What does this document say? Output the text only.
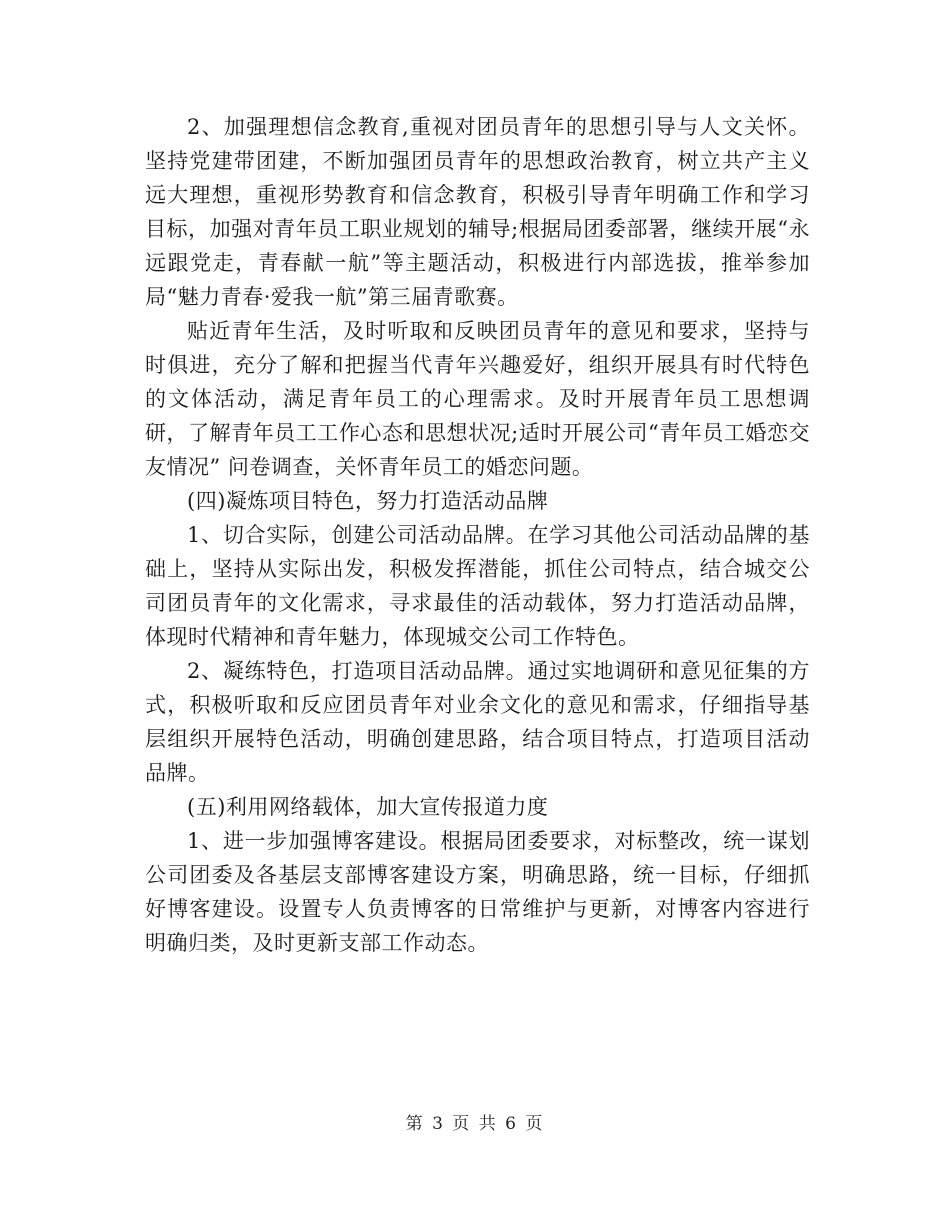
2、加强理想信念教育,重视对团员青年的思想引导与人文关怀。坚持党建带团建，不断加强团员青年的思想政治教育，树立共产主义远大理想，重视形势教育和信念教育，积极引导青年明确工作和学习目标，加强对青年员工职业规划的辅导;根据局团委部署，继续开展“永远跟党走，青春献一航”等主题活动，积极进行内部选拔，推举参加局“魅力青春·爱我一航”第三届青歌赛。

贴近青年生活，及时听取和反映团员青年的意见和要求，坚持与时俱进，充分了解和把握当代青年兴趣爱好，组织开展具有时代特色的文体活动，满足青年员工的心理需求。及时开展青年员工思想调研，了解青年员工工作心态和思想状况;适时开展公司“青年员工婚恋交友情况” 问卷调查，关怀青年员工的婚恋问题。

(四)凝炼项目特色，努力打造活动品牌

1、切合实际，创建公司活动品牌。在学习其他公司活动品牌的基础上，坚持从实际出发，积极发挥潜能，抓住公司特点，结合城交公司团员青年的文化需求，寻求最佳的活动载体，努力打造活动品牌，体现时代精神和青年魅力，体现城交公司工作特色。

2、凝练特色，打造项目活动品牌。通过实地调研和意见征集的方式，积极听取和反应团员青年对业余文化的意见和需求，仔细指导基层组织开展特色活动，明确创建思路，结合项目特点，打造项目活动品牌。

(五)利用网络载体，加大宣传报道力度

1、进一步加强博客建设。根据局团委要求，对标整改，统一谋划公司团委及各基层支部博客建设方案，明确思路，统一目标，仔细抓好博客建设。设置专人负责博客的日常维护与更新，对博客内容进行明确归类，及时更新支部工作动态。

第 3 页 共 6 页
